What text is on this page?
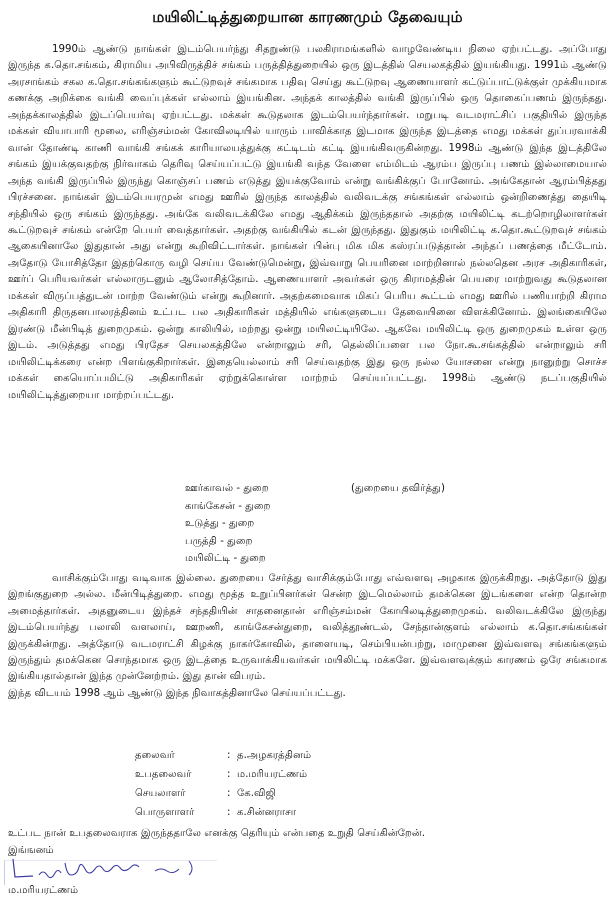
மயிலிட்டித்துறையான காரணமும் தேவையும்

1990ம் ஆண்டு நாங்கள் இடம்பெயர்ந்து சிதறுண்டு பலகிராமங்களில் வாழவேண்டிய நிலை ஏற்பட்டது. அப்போது இருந்த க.தொ.சங்கம், கிராமிய அபிவிருத்திச் சங்கம் பருத்தித்துறையில் ஒரு இடத்தில் செயலகத்தில் இயங்கியது. 1991ம் ஆண்டு அரசாங்கம் சகல க.தொ.சங்கங்களும் கூட்டுறவுச் சங்கமாக பதிவு செய்து கூட்டுறவு ஆணையாளர் கட்டுப்பாட்டுக்குள் முக்கியமாக கணக்கு அறிக்கை வங்கி வைப்புக்கள் எல்லாம் இயங்கின. அந்தக் காலத்தில் வங்கி இருப்பில் ஒரு தொகைப்பணம் இருந்தது. அந்தக்காலத்தில் இடப்பெயர்வு ஏற்பட்டது. மக்கள் கூடுதலாக இடம்பெயர்ந்தார்கள். மறுபடி வடமராட்சிப் பகுதியில் இருந்த மக்கள் வியாபாரி மூலை, எரிஞ்சம்மன் கோவிலடியில் யாரும் பாவிக்காத இடமாக இருந்த இடத்தை எமது மக்கள் துப்பரவாக்கி வான் தோண்டி காணி வாங்கி சங்கக் காரியாலயத்துக்கு கட்டிடம் கட்டி இயங்கிவருகின்றது. 1998ம் ஆண்டு இந்த இடத்திலே சங்கம் இயக்குவதற்கு நிர்வாகம் தெரிவு செய்யப்பட்டு இயங்கி வந்த வேளை எம்மிடம் ஆரம்ப இருப்பு பணம் இல்லாமையால் அந்த வங்கி இருப்பில் இருந்து கொஞ்சப் பணம் எடுத்து இயக்குவோம் என்று வங்கிக்குப் போனோம். அங்கேதான் ஆரம்பித்தது பிரச்சனை. நாங்கள் இடம்பெயரமுன் எமது ஊரில் இருந்த காலத்தில் வலிவடக்கு சங்கங்கள் எல்லாம் ஒன்றிணைத்து தையிடி சந்தியில் ஒரு சங்கம் இருந்தது. அங்கே வலிவடக்கிலே எமது ஆதிக்கம் இருந்ததால் அதற்கு மயிலிட்டி கடற்றொழிலாளர்கள் கூட்டுறவுச் சங்கம் என்றே பெயர் வைத்தார்கள். அதற்கு வங்கியில் கடன் இருந்தது. இதுகும் மயிலிட்டி க.தொ.கூட்டுறவுச் சங்கம் ஆகையினாலே இதுதான் அது என்று கூறிவிட்டார்கள். நாங்கள் பின்பு மிக மிக கஸ்ரப்படுத்தான் அந்தப் பணத்தை மீட்டோம். அதோடு யோசித்தோ இதற்கொரு வழி செய்ய வேண்டுமென்று, இவ்வாறு பெயரினை மாற்றினால் நல்லதென அரச அதிகாரிகள், ஊர்ப் பெரியவர்கள் எல்லாருடனும் ஆலோசித்தோம். ஆணையாளர் அவர்கள் ஒரு கிராமத்தின் பெயரை மாற்றுவது கூடுதலான மக்கள் விருப்பத்துடன் மாற்ற வேண்டும் என்று கூறினார். அதற்கமைவாக மிகப் பெரிய கூட்டம் எமது ஊரில் பணியாற்றி கிராம அதிகாரி திருதனபாலரத்தினம் உட்பட பல அதிகாரிகள் மத்தியில் எங்களுடைய தேவையினை விளக்கினோம். இலங்கையிலே இரண்டு மீன்பிடித் துறைமுகம். ஒன்று காலியில், மற்றது ஒன்று மயிலட்டியிலே. ஆகவே மயிலிட்டி ஒரு துறைமுகம் உள்ள ஒரு இடம். அடுத்தது எமது பிரதேச செயலகத்திலே என்றாலும் சரி, தெல்லிப்பளை பல நோ.கூ.சங்கத்தில் என்றாலும் சரி மயிலிட்டிக்கரை என்ற பிளங்குகிறார்கள். இதையெல்லாம் சரி செய்வதற்கு இது ஒரு நல்ல யோசனை என்று நானுற்று சொச்ச மக்கள் கையொப்பமிட்டு அதிகாரிகள் ஏற்றுக்கொள்ள மாற்றம் செய்யப்பட்டது. 1998ம் ஆண்டு நடப்பகுதியில் மயிலிட்டித்துறையா மாற்றப்பட்டது.

ஊர்காவல் - துறை	(துறையை தவிர்த்து)
காங்கேசன் - துறை
உடுத்து - துறை
பருத்தி - துறை
மயிலிட்டி - துறை

வாசிக்கும்போது வடிவாக இல்லை. துறையை சேர்த்து வாசிக்கும்போது எவ்வளவு அழகாக இருக்கிறது. அத்தோடு இது இறங்குதுறை அல்ல. மீன்பிடித்துறை. எமது மூத்த உறுப்பினர்கள் சென்ற இடமெல்லாம் தமக்கென இடங்களை என்ற தொன்ற அமைத்தார்கள். அதனுடைய இந்தச் சந்ததியின் சாதனைதான் எரிஞ்சம்மன் கோயிலடித்துறைமுகம். வலிவடக்கிலே இருந்து இடம்பெயர்ந்து பலாலி வளலாய், ஊறணி, காங்கேசன்துறை, வலித்தூண்டல், சேந்தான்குளம் எல்லாம் க.தொ.சங்கங்கள் இருக்கின்றது. அத்தோடு வடமராட்சி கிழக்கு நாகர்கோவில், தாளையடி, செம்பியன்பற்று, மாமுனை இவ்வளவு சங்கங்களும் இருந்தும் தமக்கென சொந்தமாக ஒரு இடத்தை உருவாக்கியவர்கள் மயிலிட்டி மக்களே. இவ்வளவுக்கும் காரணம் ஒரே சங்கமாக இங்கியதால்தான் இந்த முன்னேற்றம். இது தான் விபரம்.

இந்த விடயம் 1998 ஆம் ஆண்டு இந்த நிவாகத்தினாலே செய்யப்பட்டது.

தலைவர்	: த.அழகரத்தினம்
உபதலைவர்	: ம.மரியரட்ணம்
செயலாளர்	: கே.விஜி
பொருளாளர்	: க.சின்னராசா
உட்பட நான் உபதலைவராக இருந்ததாலே எனக்கு தெரியும் என்பதை உறுதி செய்கின்றேன்.
இங்ஙனம்
ம.மரியரட்ணம்
